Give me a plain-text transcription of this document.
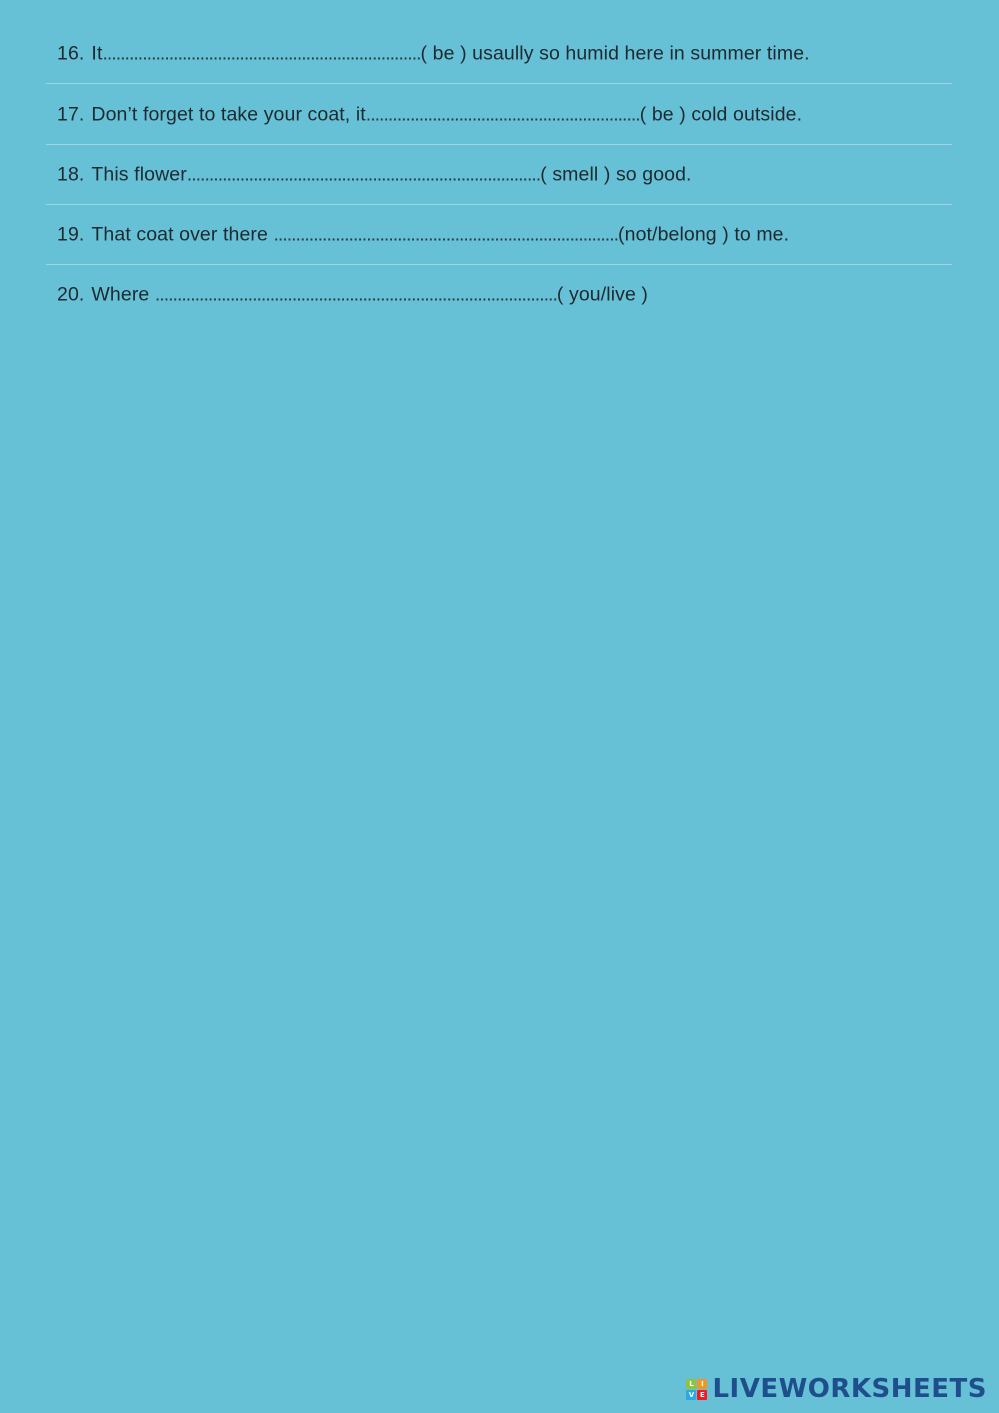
16. It........................................................................( be ) usaully so humid here in summer time.
17. Don’t forget to take your coat, it..............................................................( be ) cold outside.
18. This flower................................................................................( smell ) so good.
19. That coat over there ..............................................................................(not/belong ) to me.
20. Where ...........................................................................................( you/live )
L	I
V E LIVEWORKSHEETS
